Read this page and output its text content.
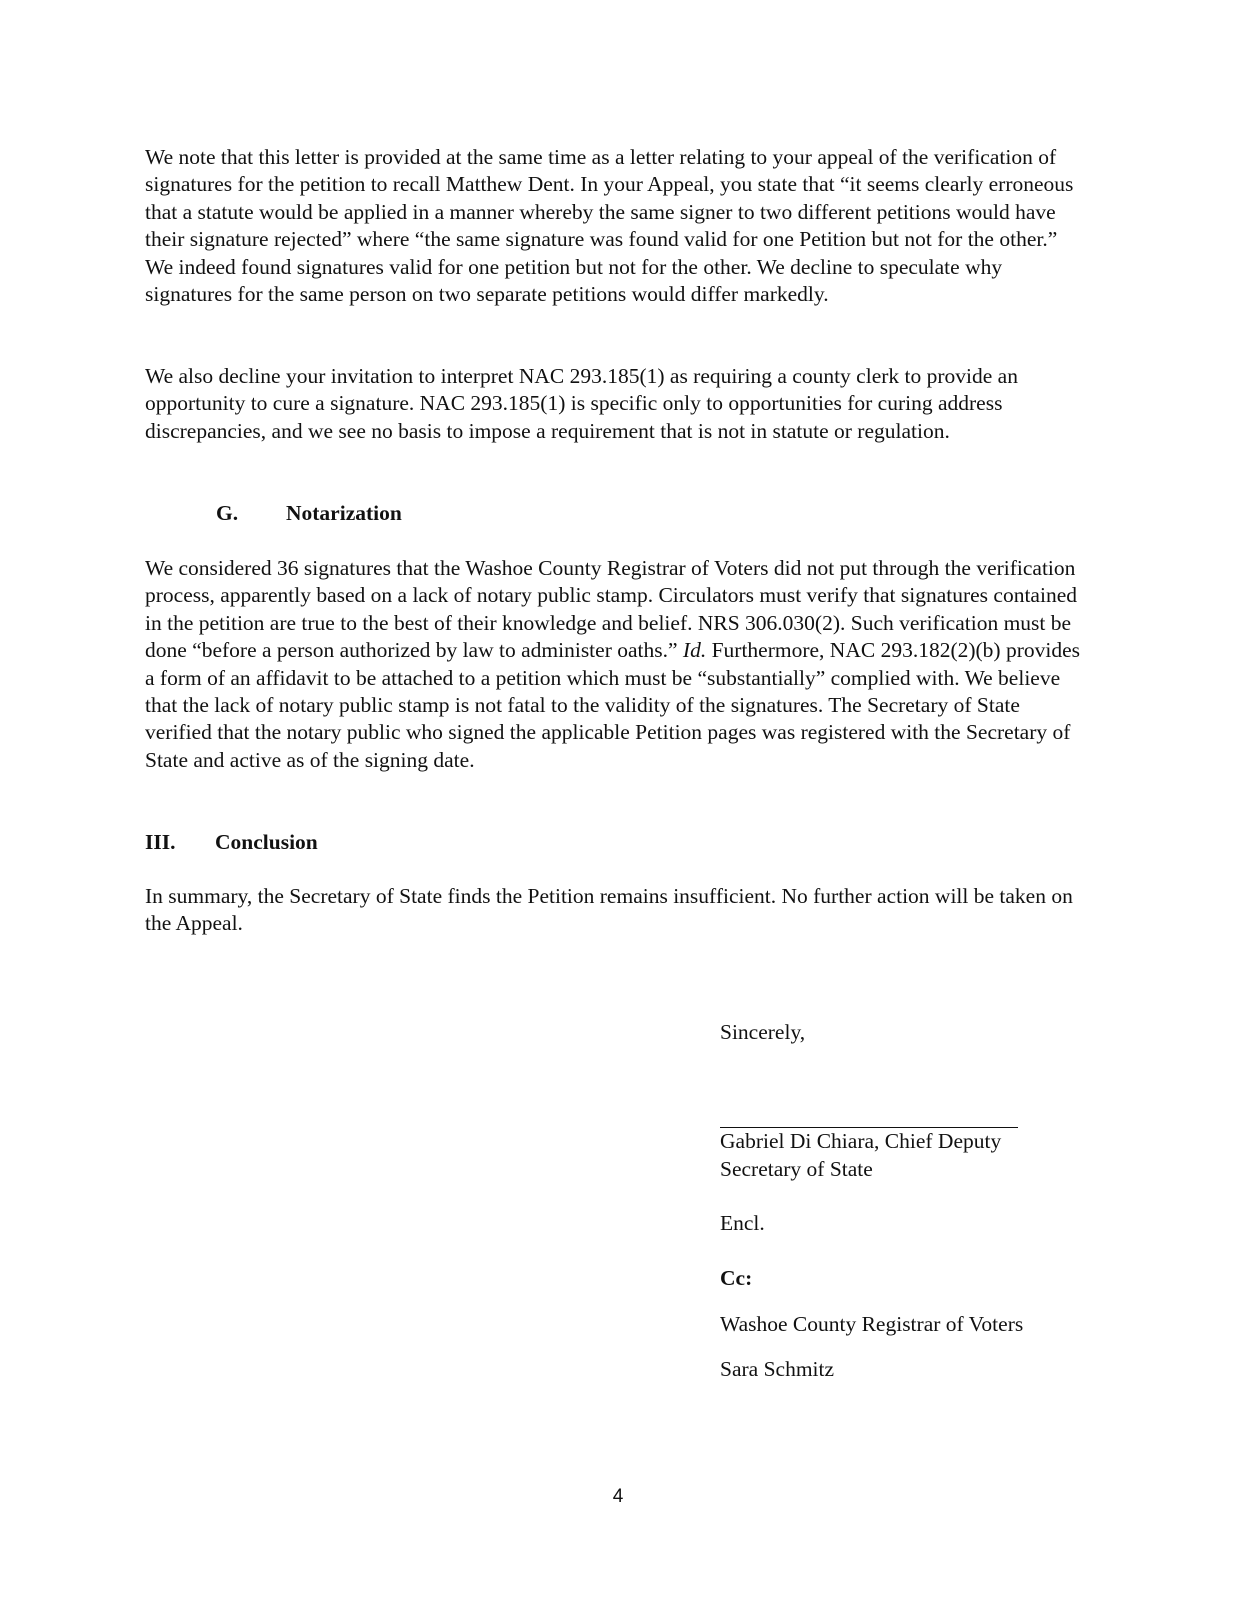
We note that this letter is provided at the same time as a letter relating to your appeal of the verification of signatures for the petition to recall Matthew Dent. In your Appeal, you state that “it seems clearly erroneous that a statute would be applied in a manner whereby the same signer to two different petitions would have their signature rejected” where “the same signature was found valid for one Petition but not for the other.” We indeed found signatures valid for one petition but not for the other. We decline to speculate why signatures for the same person on two separate petitions would differ markedly.

We also decline your invitation to interpret NAC 293.185(1) as requiring a county clerk to provide an opportunity to cure a signature. NAC 293.185(1) is specific only to opportunities for curing address discrepancies, and we see no basis to impose a requirement that is not in statute or regulation.

G. Notarization

We considered 36 signatures that the Washoe County Registrar of Voters did not put through the verification process, apparently based on a lack of notary public stamp. Circulators must verify that signatures contained in the petition are true to the best of their knowledge and belief. NRS 306.030(2). Such verification must be done “before a person authorized by law to administer oaths.” Id. Furthermore, NAC 293.182(2)(b) provides a form of an affidavit to be attached to a petition which must be “substantially” complied with. We believe that the lack of notary public stamp is not fatal to the validity of the signatures. The Secretary of State verified that the notary public who signed the applicable Petition pages was registered with the Secretary of State and active as of the signing date.

III. Conclusion

In summary, the Secretary of State finds the Petition remains insufficient. No further action will be taken on the Appeal.

Sincerely,
Gabriel Di Chiara, Chief Deputy
Secretary of State
Encl.
Cc:
Washoe County Registrar of Voters
Sara Schmitz
4
